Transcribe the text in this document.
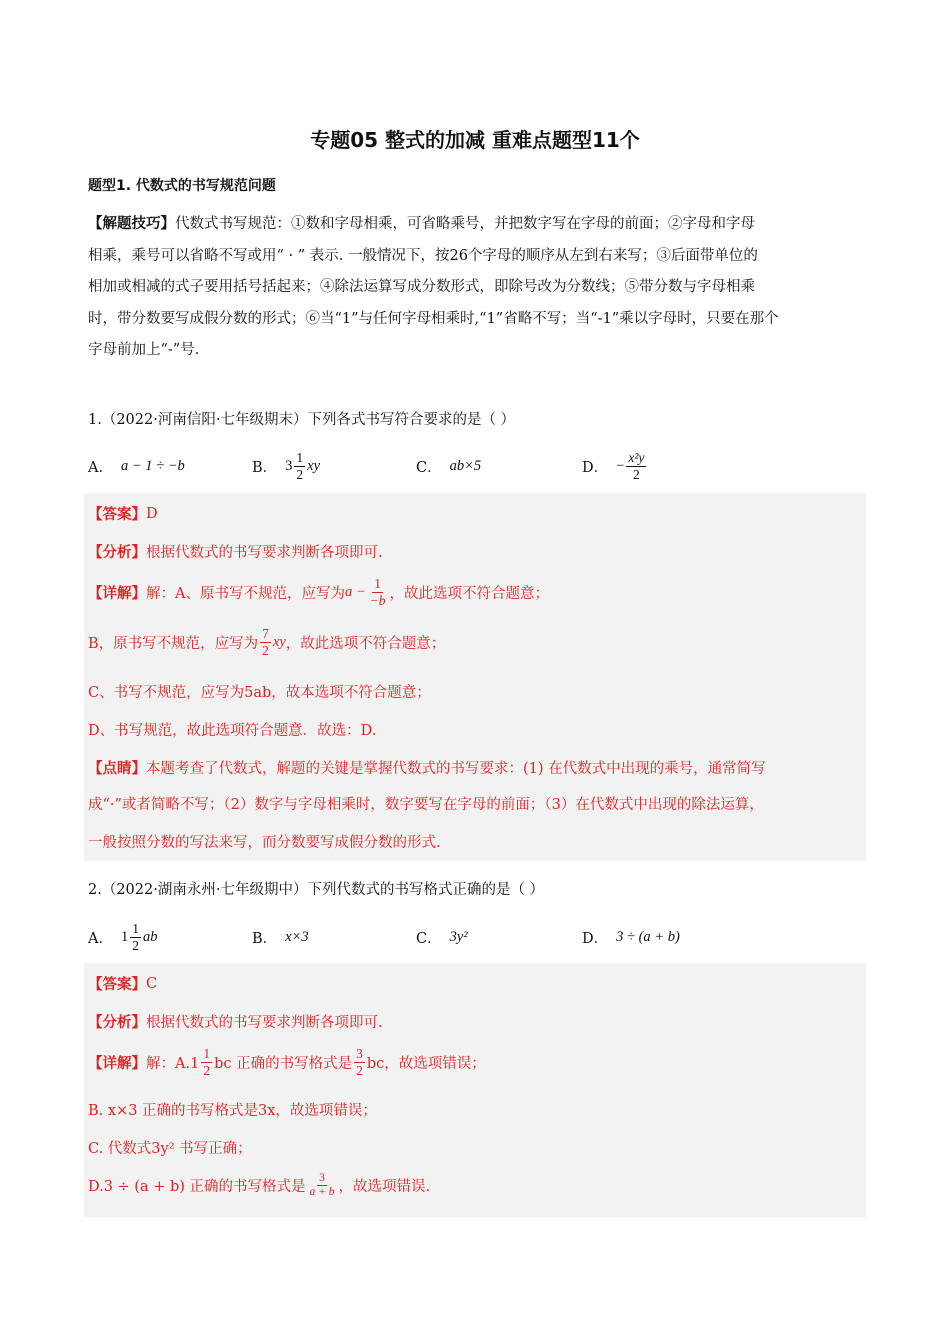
专题05 整式的加减 重难点题型11个
题型1. 代数式的书写规范问题
【解题技巧】代数式书写规范：①数和字母相乘，可省略乘号，并把数字写在字母的前面；②字母和字母
相乘，乘号可以省略不写或用“ · ” 表示. 一般情况下，按26个字母的顺序从左到右来写；③后面带单位的
相加或相减的式子要用括号括起来；④除法运算写成分数形式，即除号改为分数线；⑤带分数与字母相乘
时，带分数要写成假分数的形式；⑥当“1”与任何字母相乘时,“1”省略不写；当“-1”乘以字母时，只要在那个
字母前加上“-”号.
1.（2022·河南信阳·七年级期末）下列各式书写符合要求的是（ ）
A． a − 1 ÷ −b	B． $3 \frac{1}{2}$ xy	C． ab×5	D． − $\frac{\text{x²y}}{2}$
【答案】 D
【分析】 根据代数式的书写要求判断各项即可.
【详解】 解：A、原书写不规范，应写为 $a - \frac{1}{-b}$ ，故此选项不符合题意；
B，原书写不规范，应写为 $\frac{7}{2}$ xy ，故此选项不符合题意；
C、书写不规范，应写为5ab，故本选项不符合题意；
D、书写规范，故此选项符合题意．故选：D.
【点睛】 本题考查了代数式，解题的关键是掌握代数式的书写要求：(1) 在代数式中出现的乘号，通常简写
成“·”或者简略不写；（2）数字与字母相乘时，数字要写在字母的前面；（3）在代数式中出现的除法运算，
一般按照分数的写法来写，而分数要写成假分数的形式.
2.（2022·湖南永州·七年级期中）下列代数式的书写格式正确的是（ ）
A． $1 \frac{1}{2}$ ab	B． x×3	C． 3y²	D． 3 ÷ (a + b)
【答案】 C
【分析】 根据代数式的书写要求判断各项即可.
【详解】 解：$A.1 \frac{1}{2}$ bc 正确的书写格式是 $\frac{3}{2}$ bc，故选项错误；
B. x×3 正确的书写格式是3x，故选项错误；
C. 代数式3y² 书写正确；
D.3 ÷ (a + b) 正确的书写格式是 $\frac{3}{a + b}$ ，故选项错误.
